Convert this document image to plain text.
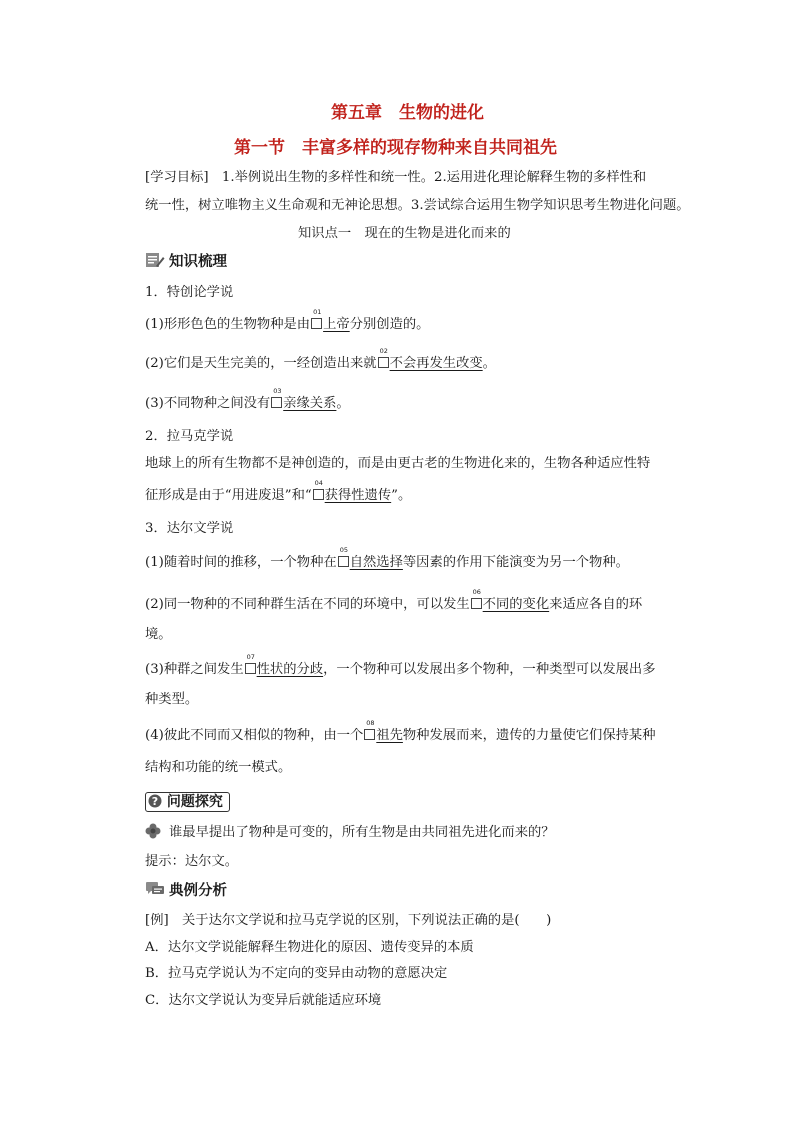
第五章　生物的进化
第一节　丰富多样的现存物种来自共同祖先
[学习目标]　1.举例说出生物的多样性和统一性。2.运用进化理论解释生物的多样性和
统一性，树立唯物主义生命观和无神论思想。3.尝试综合运用生物学知识思考生物进化问题。
知识点一　现在的生物是进化而来的
知识梳理
1．特创论学说
(1)形形色色的生物物种是由
01
上帝分别创造的。
(2)它们是天生完美的，一经创造出来就
02
不会再发生改变。
(3)不同物种之间没有
03
亲缘关系。
2．拉马克学说
地球上的所有生物都不是神创造的，而是由更古老的生物进化来的，生物各种适应性特
征形成是由于“用进废退”和“
04
获得性遗传”。
3．达尔文学说
(1)随着时间的推移，一个物种在
05
自然选择等因素的作用下能演变为另一个物种。
(2)同一物种的不同种群生活在不同的环境中，可以发生
06
不同的变化来适应各自的环
境。
(3)种群之间发生
07
性状的分歧，一个物种可以发展出多个物种，一种类型可以发展出多
种类型。
(4)彼此不同而又相似的物种，由一个
08
祖先物种发展而来，遗传的力量使它们保持某种
结构和功能的统一模式。
? 问题探究
谁最早提出了物种是可变的，所有生物是由共同祖先进化而来的？
提示：达尔文。
典例分析
[例]　关于达尔文学说和拉马克学说的区别，下列说法正确的是(　　)
A．达尔文学说能解释生物进化的原因、遗传变异的本质
B．拉马克学说认为不定向的变异由动物的意愿决定
C．达尔文学说认为变异后就能适应环境
